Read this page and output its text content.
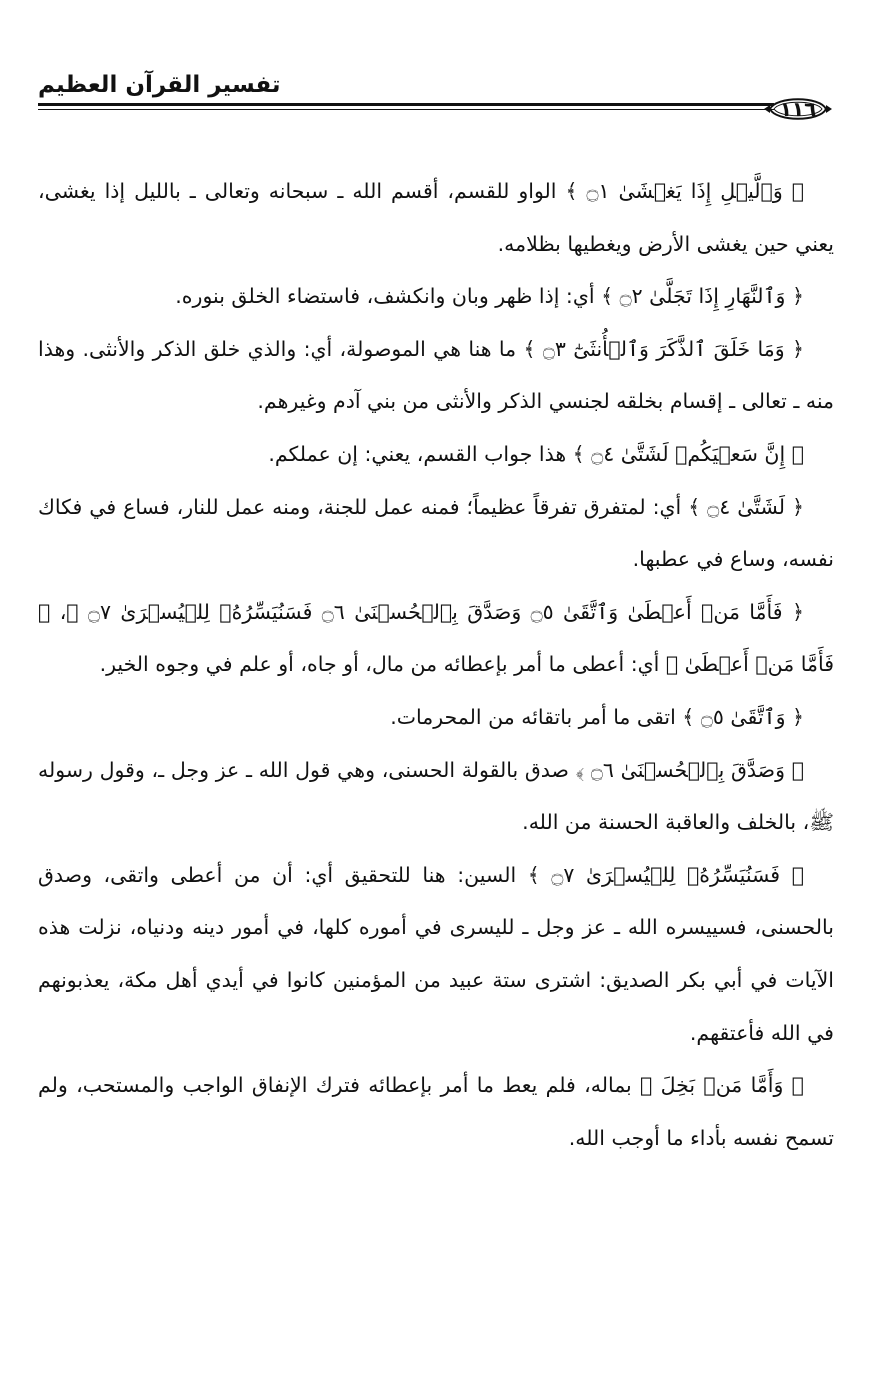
تفسير القرآن العظيم
١١٦

﴿ وَٱلَّيۡلِ إِذَا يَغۡشَىٰ ۝١ ﴾ الواو للقسم، أقسم الله ـ سبحانه وتعالى ـ بالليل إذا يغشى، يعني حين يغشى الأرض ويغطيها بظلامه.

﴿ وَٱلنَّهَارِ إِذَا تَجَلَّىٰ ۝٢ ﴾ أي: إذا ظهر وبان وانكشف، فاستضاء الخلق بنوره.

﴿ وَمَا خَلَقَ ٱلذَّكَرَ وَٱلۡأُنثَىٰٓ ۝٣ ﴾ ما هنا هي الموصولة، أي: والذي خلق الذكر والأنثى. وهذا منه ـ تعالى ـ إقسام بخلقه لجنسي الذكر والأنثى من بني آدم وغيرهم.

﴿ إِنَّ سَعۡيَكُمۡ لَشَتَّىٰ ۝٤ ﴾ هذا جواب القسم، يعني: إن عملكم.

﴿ لَشَتَّىٰ ۝٤ ﴾ أي: لمتفرق تفرقاً عظيماً؛ فمنه عمل للجنة، ومنه عمل للنار، فساع في فكاك نفسه، وساع في عطبها.

﴿ فَأَمَّا مَنۡ أَعۡطَىٰ وَٱتَّقَىٰ ۝٥ وَصَدَّقَ بِٱلۡحُسۡنَىٰ ۝٦ فَسَنُيَسِّرُهُۥ لِلۡيُسۡرَىٰ ۝٧ ﴾، ﴿ فَأَمَّا مَنۡ أَعۡطَىٰ ﴾ أي: أعطى ما أمر بإعطائه من مال، أو جاه، أو علم في وجوه الخير.

﴿ وَٱتَّقَىٰ ۝٥ ﴾ اتقى ما أمر باتقائه من المحرمات.

﴿ وَصَدَّقَ بِٱلۡحُسۡنَىٰ ۝٦ ﴾ صدق بالقولة الحسنى، وهي قول الله ـ عز وجل ـ، وقول رسوله ﷺ، بالخلف والعاقبة الحسنة من الله.

﴿ فَسَنُيَسِّرُهُۥ لِلۡيُسۡرَىٰ ۝٧ ﴾ السين: هنا للتحقيق أي: أن من أعطى واتقى، وصدق بالحسنى، فسييسره الله ـ عز وجل ـ لليسرى في أموره كلها، في أمور دينه ودنياه، نزلت هذه الآيات في أبي بكر الصديق: اشترى ستة عبيد من المؤمنين كانوا في أيدي أهل مكة، يعذبونهم في الله فأعتقهم.

﴿ وَأَمَّا مَنۢ بَخِلَ ﴾ بماله، فلم يعط ما أمر بإعطائه فترك الإنفاق الواجب والمستحب، ولم تسمح نفسه بأداء ما أوجب الله.
